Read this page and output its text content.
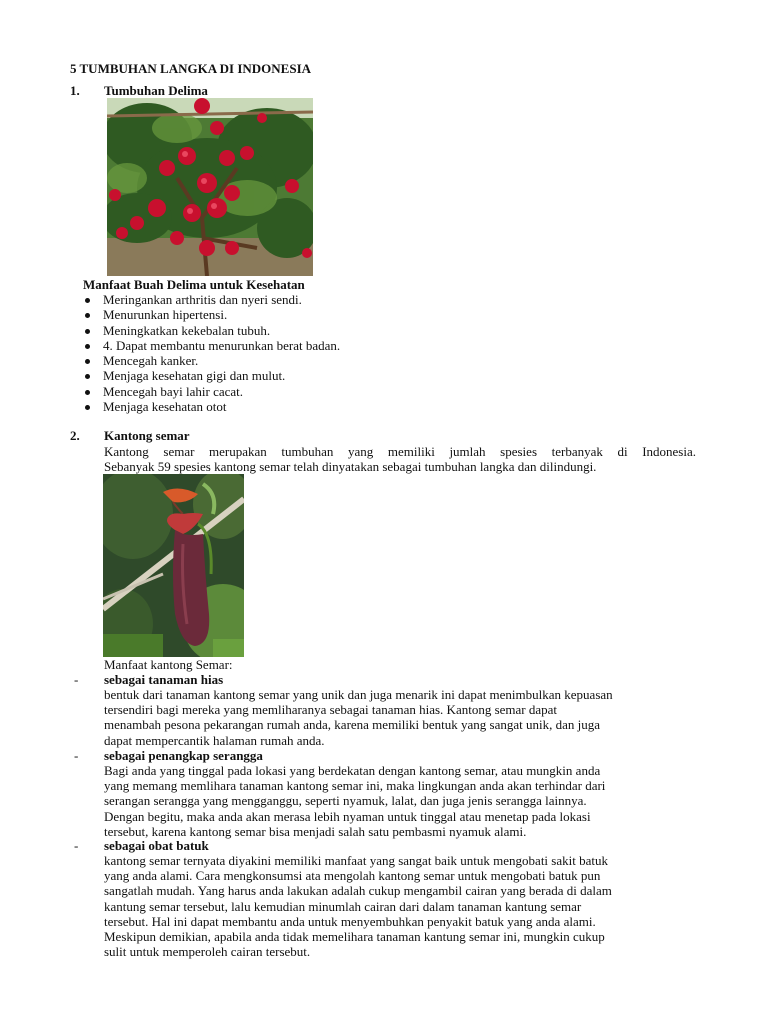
5 TUMBUHAN LANGKA DI INDONESIA
1. Tumbuhan Delima
Manfaat Buah Delima untuk Kesehatan
Meringankan arthritis dan nyeri sendi.
Menurunkan hipertensi.
Meningkatkan kekebalan tubuh.
4. Dapat membantu menurunkan berat badan.
Mencegah kanker.
Menjaga kesehatan gigi dan mulut.
Mencegah bayi lahir cacat.
Menjaga kesehatan otot
2. Kantong semar
Kantong semar merupakan tumbuhan yang memiliki jumlah spesies terbanyak di Indonesia.
Sebanyak 59 spesies kantong semar telah dinyatakan sebagai tumbuhan langka dan dilindungi.
Manfaat kantong Semar:
- sebagai tanaman hias
bentuk dari tanaman kantong semar yang unik dan juga menarik ini dapat menimbulkan kepuasan
tersendiri bagi mereka yang memliharanya sebagai tanaman hias. Kantong semar dapat
menambah pesona pekarangan rumah anda, karena memiliki bentuk yang sangat unik, dan juga
dapat mempercantik halaman rumah anda.
- sebagai penangkap serangga
Bagi anda yang tinggal pada lokasi yang berdekatan dengan kantong semar, atau mungkin anda
yang memang memlihara tanaman kantong semar ini, maka lingkungan anda akan terhindar dari
serangan serangga yang mengganggu, seperti nyamuk, lalat, dan juga jenis serangga lainnya.
Dengan begitu, maka anda akan merasa lebih nyaman untuk tinggal atau menetap pada lokasi
tersebut, karena kantong semar bisa menjadi salah satu pembasmi nyamuk alami.
- sebagai obat batuk
kantong semar ternyata diyakini memiliki manfaat yang sangat baik untuk mengobati sakit batuk
yang anda alami. Cara mengkonsumsi ata mengolah kantong semar untuk mengobati batuk pun
sangatlah mudah. Yang harus anda lakukan adalah cukup mengambil cairan yang berada di dalam
kantung semar tersebut, lalu kemudian minumlah cairan dari dalam tanaman kantung semar
tersebut. Hal ini dapat membantu anda untuk menyembuhkan penyakit batuk yang anda alami.
Meskipun demikian, apabila anda tidak memelihara tanaman kantung semar ini, mungkin cukup
sulit untuk memperoleh cairan tersebut.
